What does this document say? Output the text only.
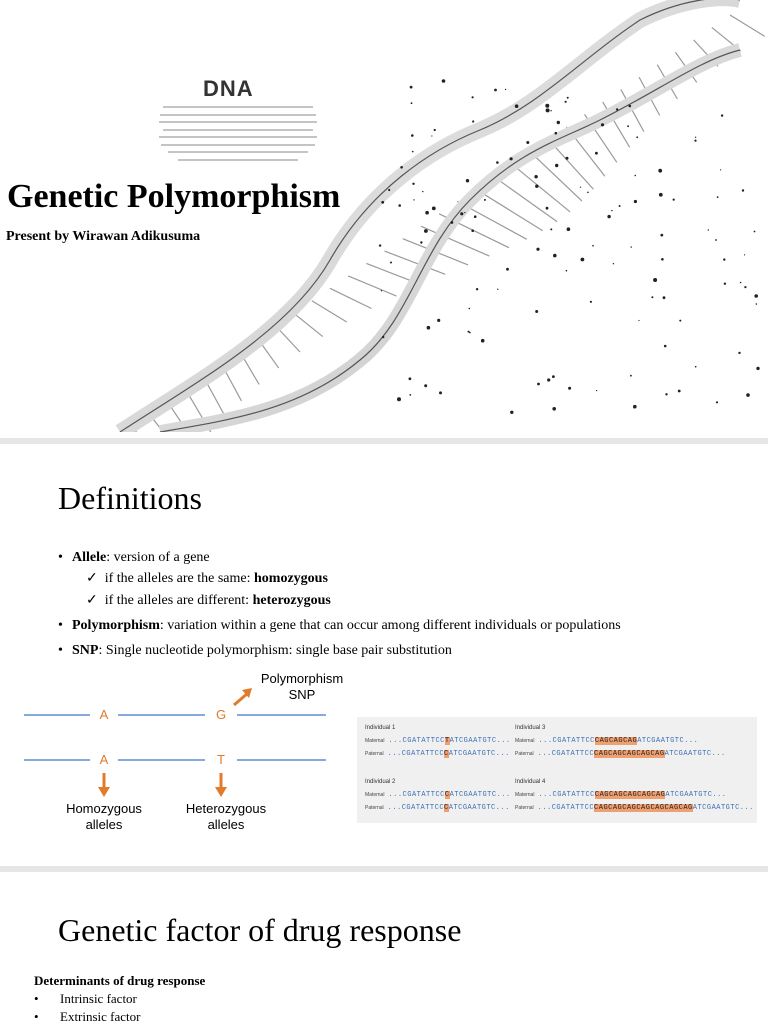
DNA
Genetic Polymorphism
Present by Wirawan Adikusuma
Definitions
• Allele: version of a gene
✓ if the alleles are the same: homozygous
✓ if the alleles are different: heterozygous
• Polymorphism: variation within a gene that can occur among different individuals or populations
• SNP: Single nucleotide polymorphism: single base pair substitution
A	G
A	T
Polymorphism
SNP
Homozygous
alleles
Heterozygous
alleles
Individual 1
Maternal ...CGATATTCCTATCGAATGTC...
Paternal ...CGATATTCCCATCGAATGTC...
Individual 2
Maternal ...CGATATTCCCATCGAATGTC...
Paternal ...CGATATTCCCATCGAATGTC...
Individual 3
Maternal ...CGATATTCCCAGCAGCAGATCGAATGTC...
Paternal ...CGATATTCCCAGCAGCAGCAGCAGATCGAATGTC...
Individual 4
Maternal ...CGATATTCCCAGCAGCAGCAGCAGATCGAATGTC...
Paternal ...CGATATTCCCAGCAGCAGCAGCAGCAGCAGATCGAATGTC...
Genetic factor of drug response
Determinants of drug response
• Intrinsic factor
• Extrinsic factor
